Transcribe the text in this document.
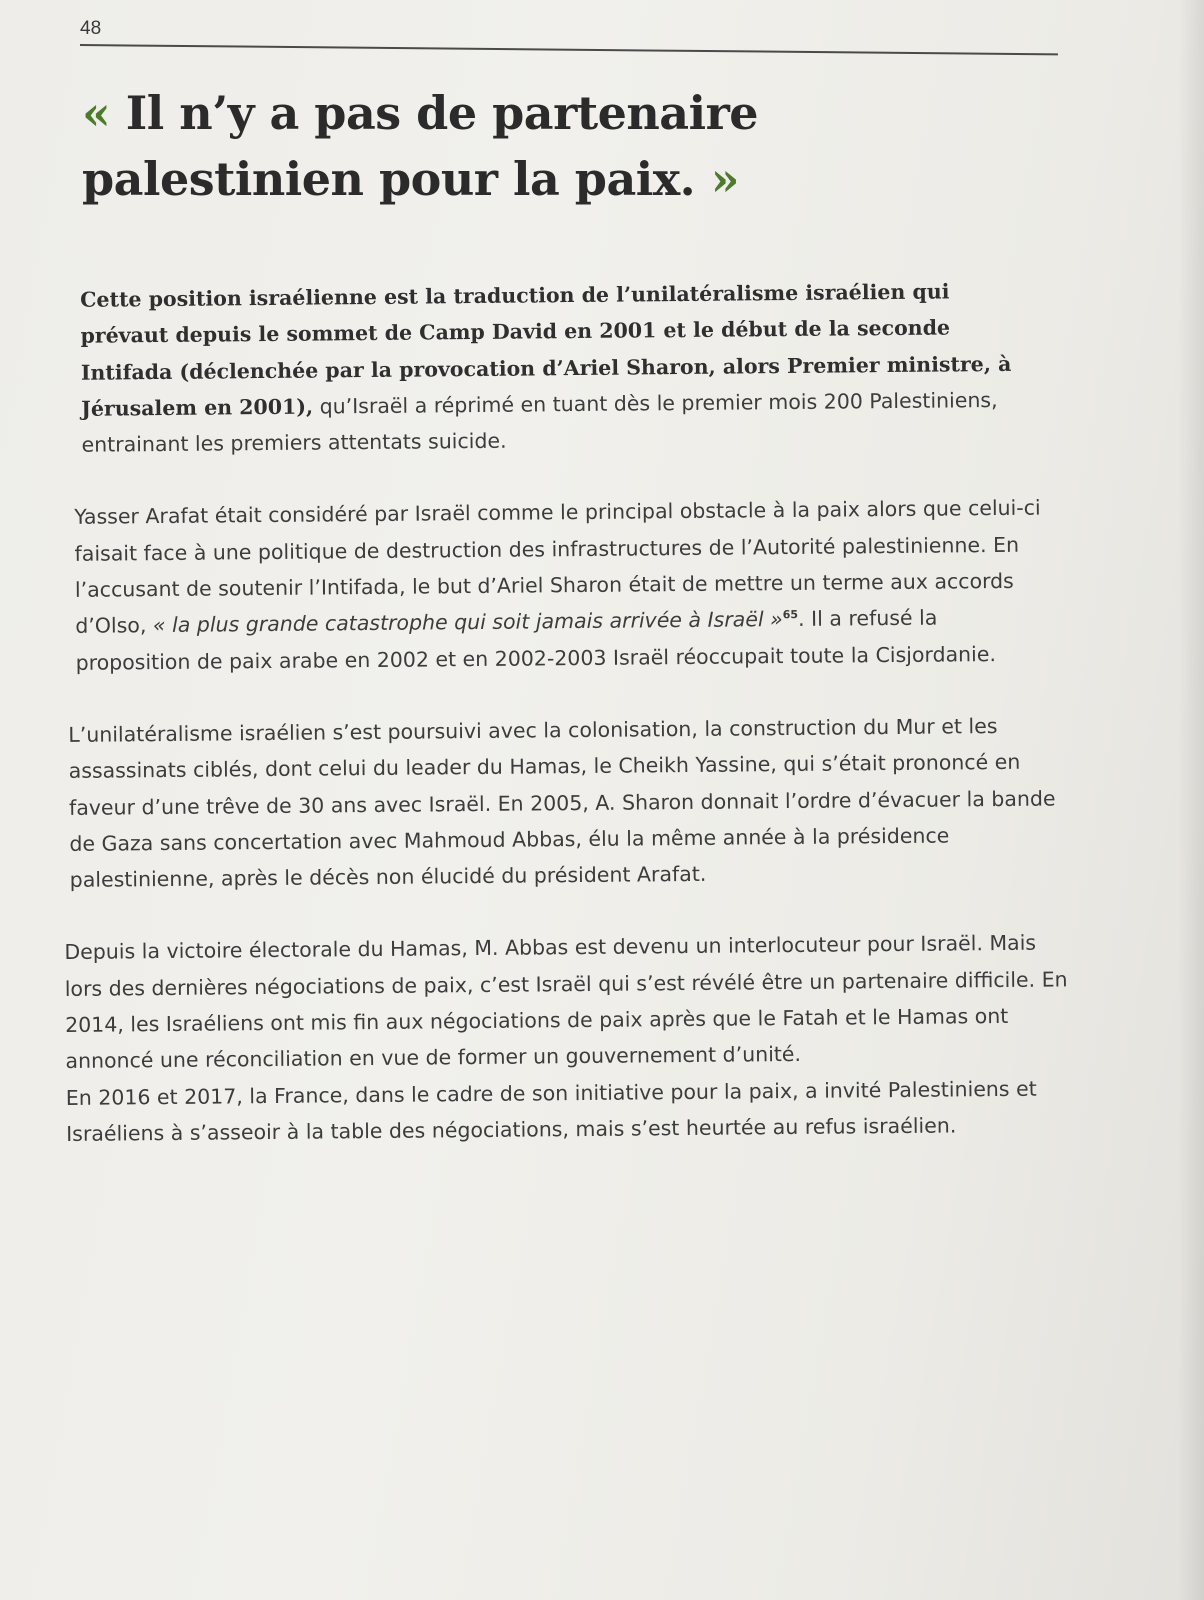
48

« Il n’y a pas de partenaire palestinien pour la paix. »

Cette position israélienne est la traduction de l’unilatéralisme israélien qui prévaut depuis le sommet de Camp David en 2001 et le début de la seconde Intifada (déclenchée par la provocation d’Ariel Sharon, alors Premier ministre, à Jérusalem en 2001), qu’Israël a réprimé en tuant dès le premier mois 200 Palestiniens, entrainant les premiers attentats suicide.

Yasser Arafat était considéré par Israël comme le principal obstacle à la paix alors que celui-ci faisait face à une politique de destruction des infrastructures de l’Autorité palestinienne. En l’accusant de soutenir l’Intifada, le but d’Ariel Sharon était de mettre un terme aux accords d’Olso, « la plus grande catastrophe qui soit jamais arrivée à Israël »$^{65}$. Il a refusé la proposition de paix arabe en 2002 et en 2002-2003 Israël réoccupait toute la Cisjordanie.

L’unilatéralisme israélien s’est poursuivi avec la colonisation, la construction du Mur et les assassinats ciblés, dont celui du leader du Hamas, le Cheikh Yassine, qui s’était prononcé en faveur d’une trêve de 30 ans avec Israël. En 2005, A. Sharon donnait l’ordre d’évacuer la bande de Gaza sans concertation avec Mahmoud Abbas, élu la même année à la présidence palestinienne, après le décès non élucidé du président Arafat.

Depuis la victoire électorale du Hamas, M. Abbas est devenu un interlocuteur pour Israël. Mais lors des dernières négociations de paix, c’est Israël qui s’est révélé être un partenaire difficile. En 2014, les Israéliens ont mis fin aux négociations de paix après que le Fatah et le Hamas ont annoncé une réconciliation en vue de former un gouvernement d’unité.

En 2016 et 2017, la France, dans le cadre de son initiative pour la paix, a invité Palestiniens et Israéliens à s’asseoir à la table des négociations, mais s’est heurtée au refus israélien.
